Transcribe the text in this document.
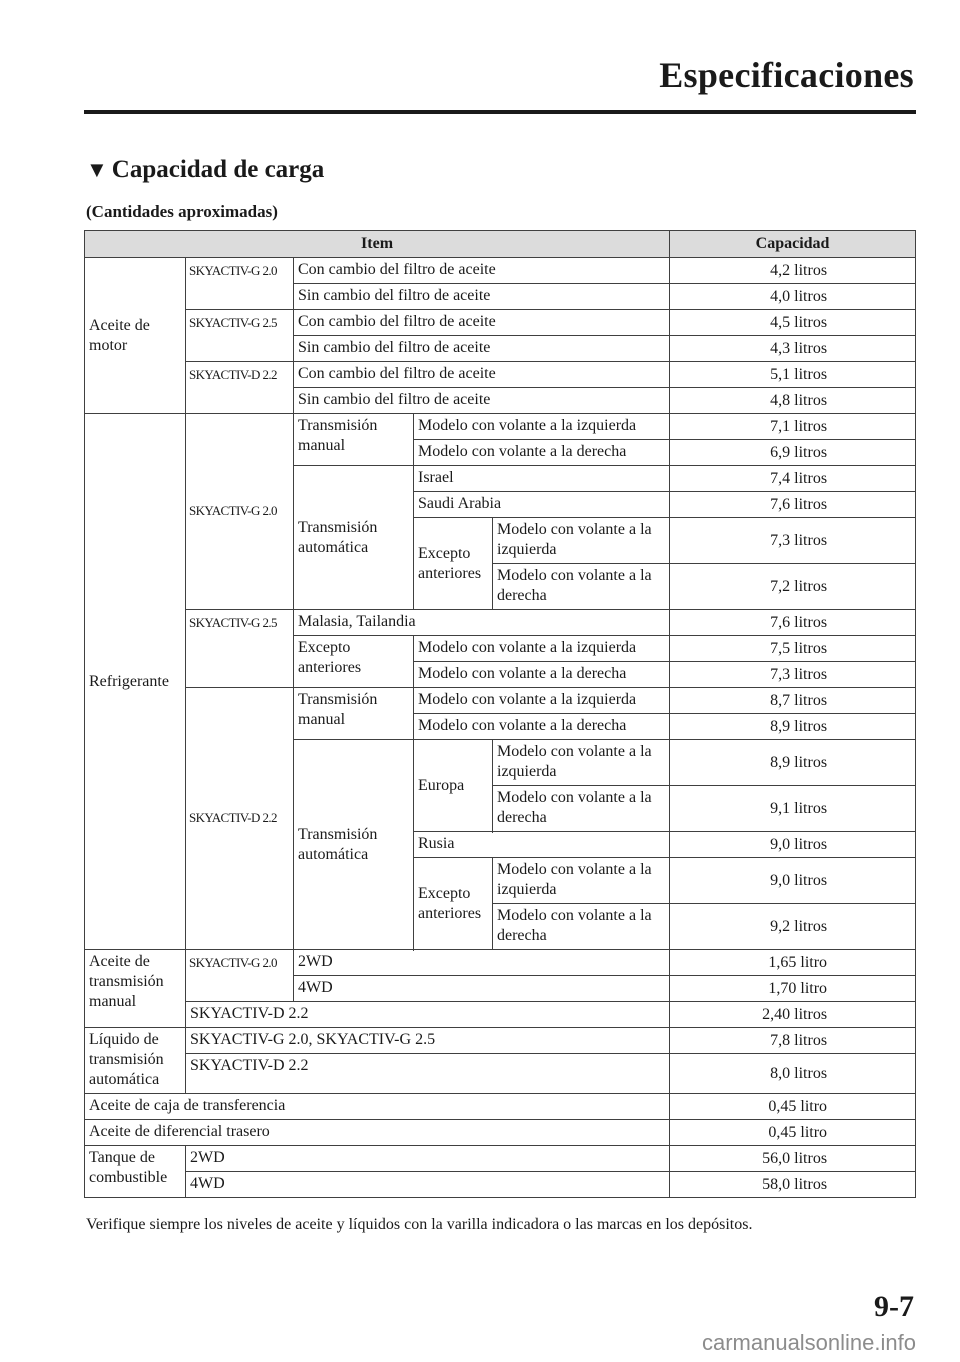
Especificaciones
▼ Capacidad de carga
(Cantidades aproximadas)
Item					Capacidad
Aceite de motor	SKYACTIV-G 2.0	Con cambio del filtro de aceite			4,2 litros
		Sin cambio del filtro de aceite			4,0 litros
	SKYACTIV-G 2.5	Con cambio del filtro de aceite			4,5 litros
		Sin cambio del filtro de aceite			4,3 litros
	SKYACTIV-D 2.2	Con cambio del filtro de aceite			5,1 litros
		Sin cambio del filtro de aceite			4,8 litros
Refrigerante	SKYACTIV-G 2.0	Transmisión manual	Modelo con volante a la izquierda		7,1 litros
			Modelo con volante a la derecha		6,9 litros
		Transmisión automática	Israel		7,4 litros
			Saudi Arabia		7,6 litros
			Excepto anteriores	Modelo con volante a la izquierda	7,3 litros
				Modelo con volante a la derecha	7,2 litros
	SKYACTIV-G 2.5	Malasia, Tailandia			7,6 litros
		Excepto anteriores	Modelo con volante a la izquierda		7,5 litros
			Modelo con volante a la derecha		7,3 litros
	SKYACTIV-D 2.2	Transmisión manual	Modelo con volante a la izquierda		8,7 litros
			Modelo con volante a la derecha		8,9 litros
		Transmisión automática	Europa	Modelo con volante a la izquierda	8,9 litros
				Modelo con volante a la derecha	9,1 litros

			Rusia		9,0 litros
			Excepto anteriores	Modelo con volante a la izquierda	9,0 litros
				Modelo con volante a la derecha	9,2 litros

Aceite de transmisión manual	SKYACTIV-G 2.0	2WD			1,65 litro
		4WD			1,70 litro
	SKYACTIV-D 2.2				2,40 litros
Líquido de transmisión automática	SKYACTIV-G 2.0, SKYACTIV-G 2.5				7,8 litros
	SKYACTIV-D 2.2				8,0 litros
Aceite de caja de transferencia					0,45 litro
Aceite de diferencial trasero					0,45 litro
Tanque de combustible	2WD				56,0 litros
	4WD				58,0 litros
Verifique siempre los niveles de aceite y líquidos con la varilla indicadora o las marcas en los depósitos.
9-7
carmanualsonline.info
